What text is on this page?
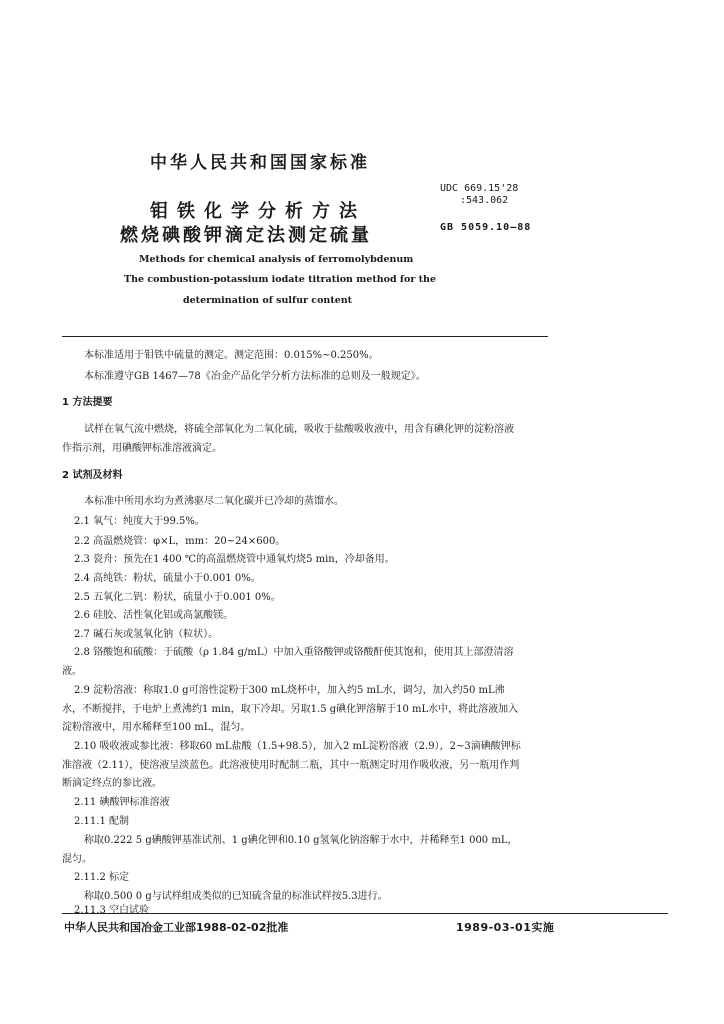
中华人民共和国国家标准
钼铁化学分析方法
燃烧碘酸钾滴定法测定硫量
UDC 669.15'28
:543.062
GB 5059.10—88
Methods for chemical analysis of ferromolybdenum
The combustion-potassium iodate titration method for the
determination of sulfur content
本标准适用于钼铁中硫量的测定。测定范围：0.015%~0.250%。
本标准遵守GB 1467—78《冶金产品化学分析方法标准的总则及一般规定》。
1 方法提要
试样在氧气流中燃烧，将硫全部氧化为二氧化硫，吸收于盐酸吸收液中，用含有碘化钾的淀粉溶液
作指示剂，用碘酸钾标准溶液滴定。
2 试剂及材料
本标准中所用水均为煮沸驱尽二氧化碳并已冷却的蒸馏水。
2.1 氧气：纯度大于99.5%。
2.2 高温燃烧管：φ×L，mm：20~24×600。
2.3 瓷舟：预先在1 400 ℃的高温燃烧管中通氧灼烧5 min，冷却备用。
2.4 高纯铁：粉状，硫量小于0.001 0%。
2.5 五氧化二钒：粉状，硫量小于0.001 0%。
2.6 硅胶、活性氧化铝或高氯酸镁。
2.7 碱石灰或氢氧化钠（粒状）。
2.8 铬酸饱和硫酸：于硫酸（ρ 1.84 g/mL）中加入重铬酸钾或铬酸酐使其饱和，使用其上部澄清溶
液。
2.9 淀粉溶液：称取1.0 g可溶性淀粉于300 mL烧杯中，加入约5 mL水，调匀，加入约50 mL沸
水，不断搅拌，于电炉上煮沸约1 min，取下冷却。另取1.5 g碘化钾溶解于10 mL水中，将此溶液加入
淀粉溶液中，用水稀释至100 mL，混匀。
2.10 吸收液或参比液：移取60 mL盐酸（1.5+98.5），加入2 mL淀粉溶液（2.9），2~3滴碘酸钾标
准溶液（2.11），使溶液呈淡蓝色。此溶液使用时配制二瓶，其中一瓶测定时用作吸收液，另一瓶用作判
断滴定终点的参比液。
2.11 碘酸钾标准溶液
2.11.1 配制
称取0.222 5 g碘酸钾基准试剂、1 g碘化钾和0.10 g氢氧化钠溶解于水中，并稀释至1 000 mL，
混匀。
2.11.2 标定
称取0.500 0 g与试样组成类似的已知硫含量的标准试样按5.3进行。
2.11.3 空白试验
中华人民共和国冶金工业部1988-02-02批准	1989-03-01实施
